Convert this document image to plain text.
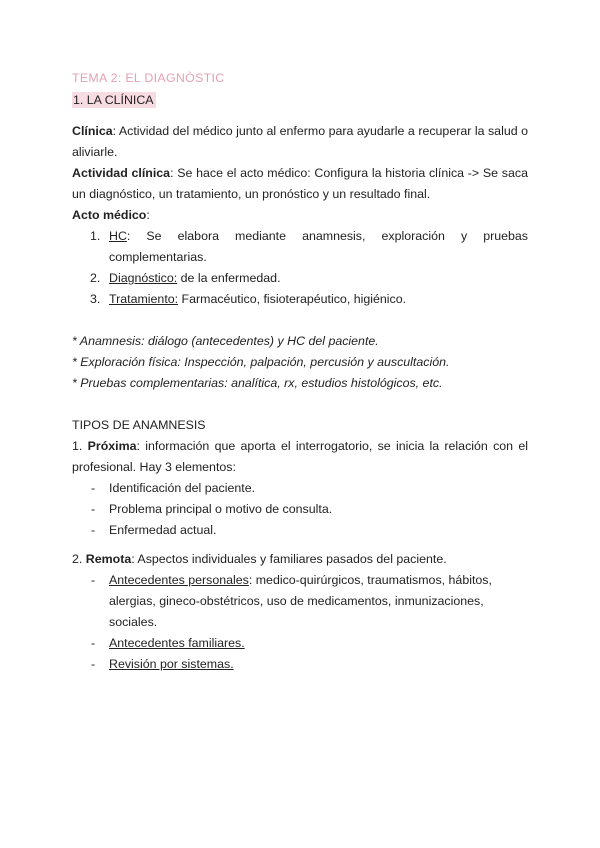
TEMA 2: EL DIAGNÒSTIC
1. LA CLÍNICA

Clínica: Actividad del médico junto al enfermo para ayudarle a recuperar la salud o aliviarle.

Actividad clínica: Se hace el acto médico: Configura la historia clínica -> Se saca un diagnóstico, un tratamiento, un pronóstico y un resultado final.

Acto médico:

1. HC: Se elabora mediante anamnesis, exploración y pruebas complementarias.

2. Diagnóstico: de la enfermedad.

3. Tratamiento: Farmacéutico, fisioterapéutico, higiénico.

* Anamnesis: diálogo (antecedentes) y HC del paciente.

* Exploración física: Inspección, palpación, percusión y auscultación.

* Pruebas complementarias: analítica, rx, estudios histológicos, etc.

TIPOS DE ANAMNESIS

1. Próxima: información que aporta el interrogatorio, se inicia la relación con el profesional. Hay 3 elementos:

- Identificación del paciente.

- Problema principal o motivo de consulta.

- Enfermedad actual.

2. Remota: Aspectos individuales y familiares pasados del paciente.

- Antecedentes personales: medico-quirúrgicos, traumatismos, hábitos, alergias, gineco-obstétricos, uso de medicamentos, inmunizaciones, sociales.

- Antecedentes familiares.

- Revisión por sistemas.
